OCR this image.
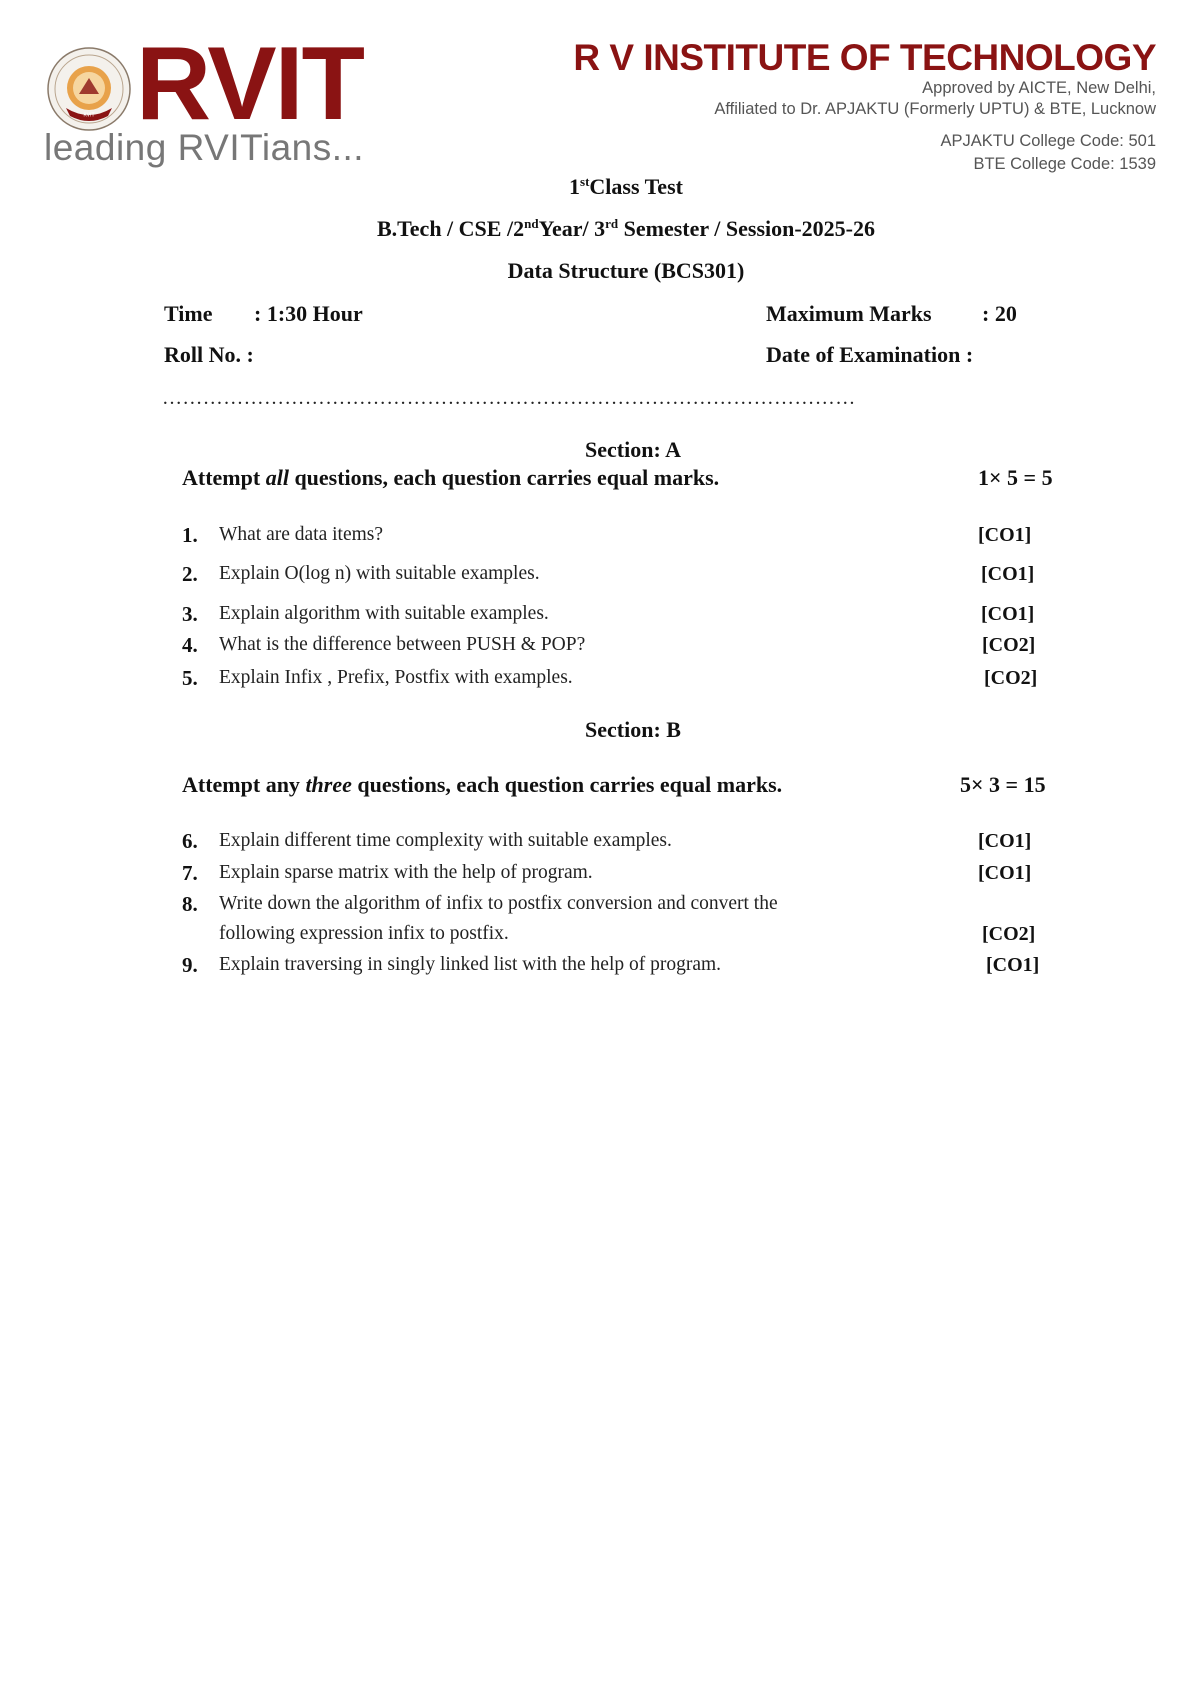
RVIT RVIT
leading RVITians...
R V INSTITUTE OF TECHNOLOGY
Approved by AICTE, New Delhi,
Affiliated to Dr. APJAKTU (Formerly UPTU) & BTE, Lucknow
APJAKTU College Code: 501
BTE College Code: 1539
1stClass Test
B.Tech / CSE /2ndYear/ 3rd Semester / Session-2025-26
Data Structure (BCS301)
Time : 1:30 Hour	Maximum Marks : 20
Roll No. :	Date of Examination :
…………………………………………………………………………………………
Section: A
Attempt all questions, each question carries equal marks.	1× 5 = 5
1. What are data items?	[CO1]
2. Explain O(log n) with suitable examples.	[CO1]
3. Explain algorithm with suitable examples.	[CO1]
4. What is the difference between PUSH & POP?	[CO2]
5. Explain Infix , Prefix, Postfix with examples.	[CO2]
Section: B
Attempt any three questions, each question carries equal marks.	5× 3 = 15
6. Explain different time complexity with suitable examples.	[CO1]
7. Explain sparse matrix with the help of program.	[CO1]
8. Write down the algorithm of infix to postfix conversion and convert the
following expression infix to postfix.	[CO2]
9. Explain traversing in singly linked list with the help of program.	[CO1]
